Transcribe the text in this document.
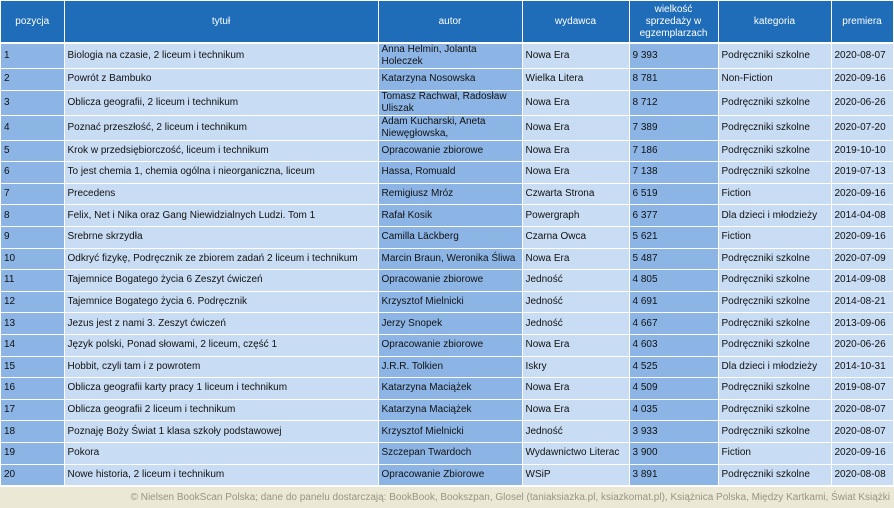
pozycja	tytuł	autor	wydawca	wielkość
sprzedaży w
egzemplarzach	kategoria	premiera
1	Biologia na czasie, 2 liceum i technikum	Anna Helmin, Jolanta Holeczek	Nowa Era	9 393	Podręczniki szkolne	2020-08-07
2	Powrót z Bambuko	Katarzyna Nosowska	Wielka Litera	8 781	Non-Fiction	2020-09-16
3	Oblicza geografii, 2 liceum i technikum	Tomasz Rachwał, Radosław Uliszak	Nowa Era	8 712	Podręczniki szkolne	2020-06-26
4	Poznać przeszłość, 2 liceum i technikum	Adam Kucharski, Aneta Niewęgłowska,	Nowa Era	7 389	Podręczniki szkolne	2020-07-20
5	Krok w przedsiębiorczość, liceum i technikum	Opracowanie zbiorowe	Nowa Era	7 186	Podręczniki szkolne	2019-10-10
6	To jest chemia 1, chemia ogólna i nieorganiczna, liceum	Hassa, Romuald	Nowa Era	7 138	Podręczniki szkolne	2019-07-13
7	Precedens	Remigiusz Mróz	Czwarta Strona	6 519	Fiction	2020-09-16
8	Felix, Net i Nika oraz Gang Niewidzialnych Ludzi. Tom 1	Rafał Kosik	Powergraph	6 377	Dla dzieci i młodzieży	2014-04-08
9	Srebrne skrzydła	Camilla Läckberg	Czarna Owca	5 621	Fiction	2020-09-16
10	Odkryć fizykę, Podręcznik ze zbiorem zadań 2 liceum i technikum	Marcin Braun, Weronika Śliwa	Nowa Era	5 487	Podręczniki szkolne	2020-07-09
11	Tajemnice Bogatego życia 6 Zeszyt ćwiczeń	Opracowanie zbiorowe	Jedność	4 805	Podręczniki szkolne	2014-09-08
12	Tajemnice Bogatego życia 6. Podręcznik	Krzysztof Mielnicki	Jedność	4 691	Podręczniki szkolne	2014-08-21
13	Jezus jest z nami 3. Zeszyt ćwiczeń	Jerzy Snopek	Jedność	4 667	Podręczniki szkolne	2013-09-06
14	Język polski, Ponad słowami, 2 liceum, część 1	Opracowanie zbiorowe	Nowa Era	4 603	Podręczniki szkolne	2020-06-26
15	Hobbit, czyli tam i z powrotem	J.R.R. Tolkien	Iskry	4 525	Dla dzieci i młodzieży	2014-10-31
16	Oblicza geografii karty pracy 1 liceum i technikum	Katarzyna Maciążek	Nowa Era	4 509	Podręczniki szkolne	2019-08-07
17	Oblicza geografii 2 liceum i technikum	Katarzyna Maciążek	Nowa Era	4 035	Podręczniki szkolne	2020-08-07
18	Poznaję Boży Świat 1 klasa szkoły podstawowej	Krzysztof Mielnicki	Jedność	3 933	Podręczniki szkolne	2020-08-07
19	Pokora	Szczepan Twardoch	Wydawnictwo Literac	3 900	Fiction	2020-09-16
20	Nowe historia, 2 liceum i technikum	Opracowanie Zbiorowe	WSiP	3 891	Podręczniki szkolne	2020-08-08
© Nielsen BookScan Polska; dane do panelu dostarczają: BookBook, Bookszpan, Glosel (taniaksiazka.pl, ksiazkomat.pl), Książnica Polska, Między Kartkami, Świat Książki
